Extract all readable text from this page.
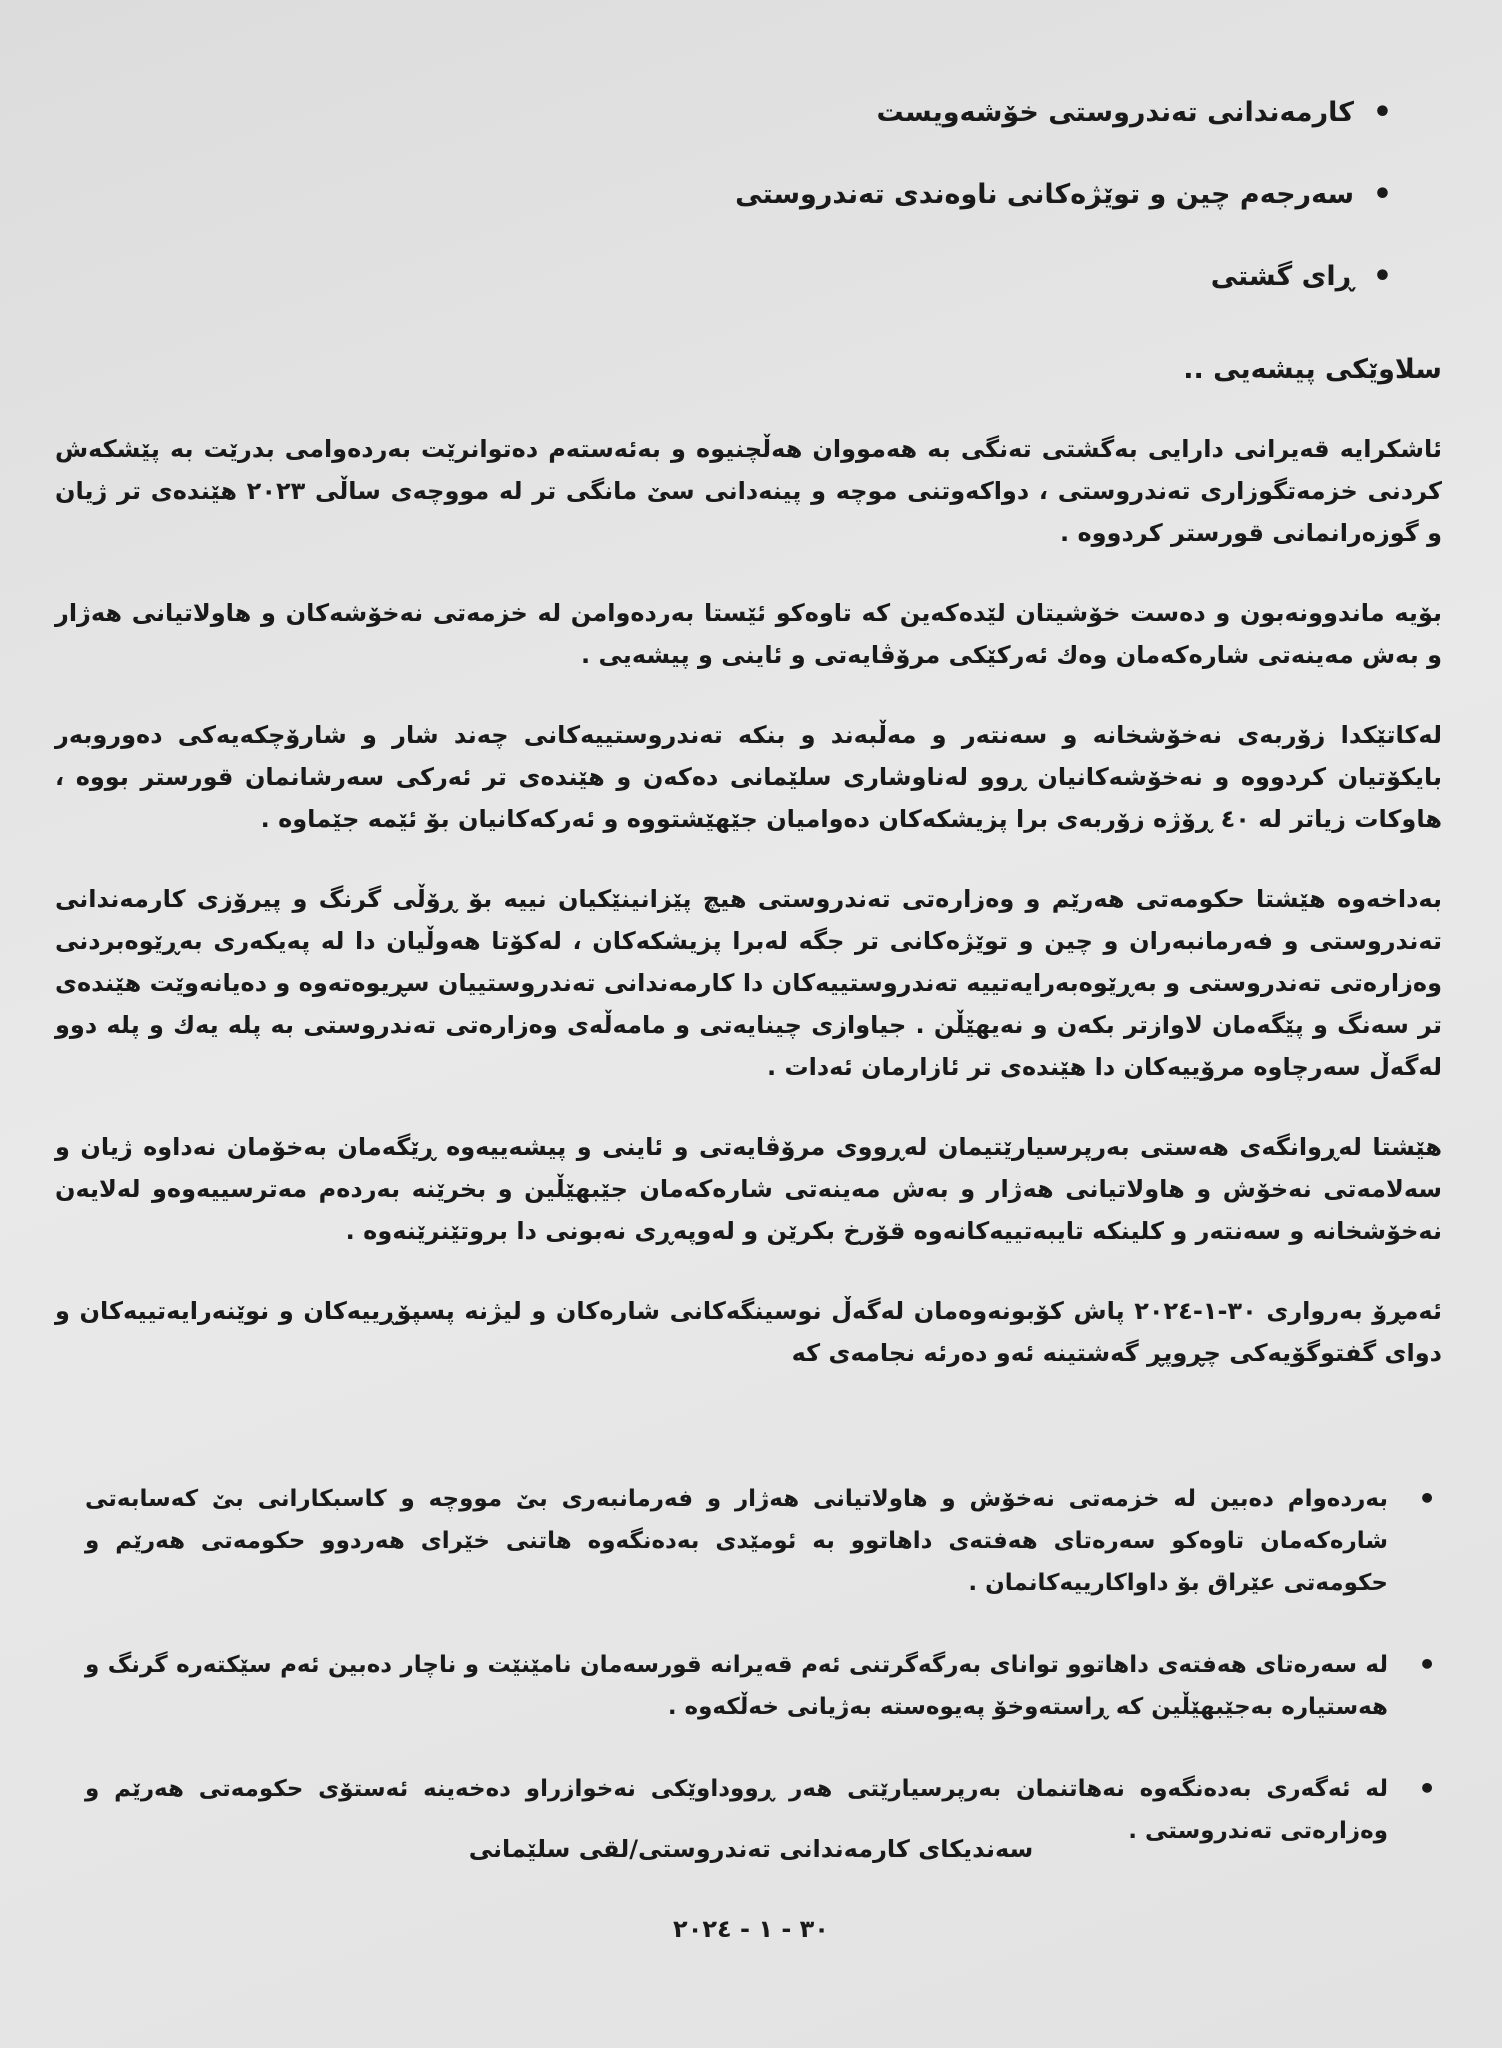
• کارمەندانی تەندروستی خۆشەویست
• سەرجەم چین و توێژەکانی ناوەندی تەندروستی
• ڕای گشتی
سلاوێکی پیشەیی ..

ئاشکرایە قەیرانی دارایی بەگشتی تەنگی بە هەمووان هەڵچنیوە و بەئەستەم دەتوانرێت بەردەوامی بدرێت بە پێشکەش کردنی خزمەتگوزاری تەندروستی ، دواکەوتنی موچە و پینەدانی سێ مانگی تر لە مووچەی ساڵی ٢٠٢٣ هێندەی تر ژیان و گوزەرانمانی قورستر کردووە .

بۆیە ماندوونەبون و دەست خۆشیتان لێدەکەین کە تاوەکو ئێستا بەردەوامن لە خزمەتی نەخۆشەکان و هاولاتیانی هەژار و بەش مەینەتی شارەکەمان وەك ئەرکێکی مرۆڤایەتی و ئاینی و پیشەیی .

لەکاتێکدا زۆربەی نەخۆشخانە و سەنتەر و مەڵبەند و بنکە تەندروستییەکانی چەند شار و شارۆچکەیەکی دەوروبەر بایکۆتیان کردووە و نەخۆشەکانیان ڕوو لەناوشاری سلێمانی دەکەن و هێندەی تر ئەرکی سەرشانمان قورستر بووە ، هاوکات زیاتر لە ٤٠ ڕۆژە زۆربەی برا پزیشکەکان دەوامیان جێهێشتووە و ئەرکەکانیان بۆ ئێمە جێماوە .

بەداخەوە هێشتا حکومەتی هەرێم و وەزارەتی تەندروستی هیچ پێزانینێکیان نییە بۆ ڕۆڵی گرنگ و پیرۆزی کارمەندانی تەندروستی و فەرمانبەران و چین و توێژەکانی تر جگە لەبرا پزیشکەکان ، لەکۆتا هەوڵیان دا لە پەیکەری بەڕێوەبردنی وەزارەتی تەندروستی و بەڕێوەبەرایەتییە تەندروستییەکان دا کارمەندانی تەندروستییان سڕیوەتەوە و دەیانەوێت هێندەی تر سەنگ و پێگەمان لاوازتر بکەن و نەیهێڵن . جیاوازی چینایەتی و مامەڵەی وەزارەتی تەندروستی بە پلە یەك و پلە دوو لەگەڵ سەرچاوە مرۆییەکان دا هێندەی تر ئازارمان ئەدات .

هێشتا لەڕوانگەی هەستی بەرپرسیارێتیمان لەڕووی مرۆڤایەتی و ئاینی و پیشەییەوە ڕێگەمان بەخۆمان نەداوە ژیان و سەلامەتی نەخۆش و هاولاتیانی هەژار و بەش مەینەتی شارەکەمان جێبهێڵین و بخرێنە بەردەم مەترسییەوەو لەلایەن نەخۆشخانە و سەنتەر و کلینکە تایبەتییەکانەوە قۆرخ بکرێن و لەوپەڕی نەبونی دا بروتێنرێنەوە .

ئەمڕۆ بەرواری ٣٠-١-٢٠٢٤ پاش کۆبونەوەمان لەگەڵ نوسینگەکانی شارەکان و لیژنە پسپۆڕییەکان و نوێنەرایەتییەکان و دوای گفتوگۆیەکی چڕوپڕ گەشتینە ئەو دەرئە نجامەی کە

• بەردەوام دەبین لە خزمەتی نەخۆش و هاولاتیانی هەژار و فەرمانبەری بێ مووچە و کاسبکارانی بێ کەسابەتی شارەکەمان تاوەکو سەرەتای هەفتەی داهاتوو بە ئومێدی بەدەنگەوە هاتنی خێرای هەردوو حکومەتی هەرێم و حکومەتی عێراق بۆ داواکارییەکانمان .
• لە سەرەتای هەفتەی داهاتوو توانای بەرگەگرتنی ئەم قەیرانە قورسەمان نامێنێت و ناچار دەبین ئەم سێکتەرە گرنگ و هەستیارە بەجێبهێڵین کە ڕاستەوخۆ پەیوەستە بەژیانی خەڵکەوە .
• لە ئەگەری بەدەنگەوە نەهاتنمان بەرپرسیارێتی هەر ڕووداوێکی نەخوازراو دەخەینە ئەستۆی حکومەتی هەرێم و وەزارەتی تەندروستی .
سەندیکای کارمەندانی تەندروستی/لقی سلێمانی
٣٠ - ١ - ٢٠٢٤
